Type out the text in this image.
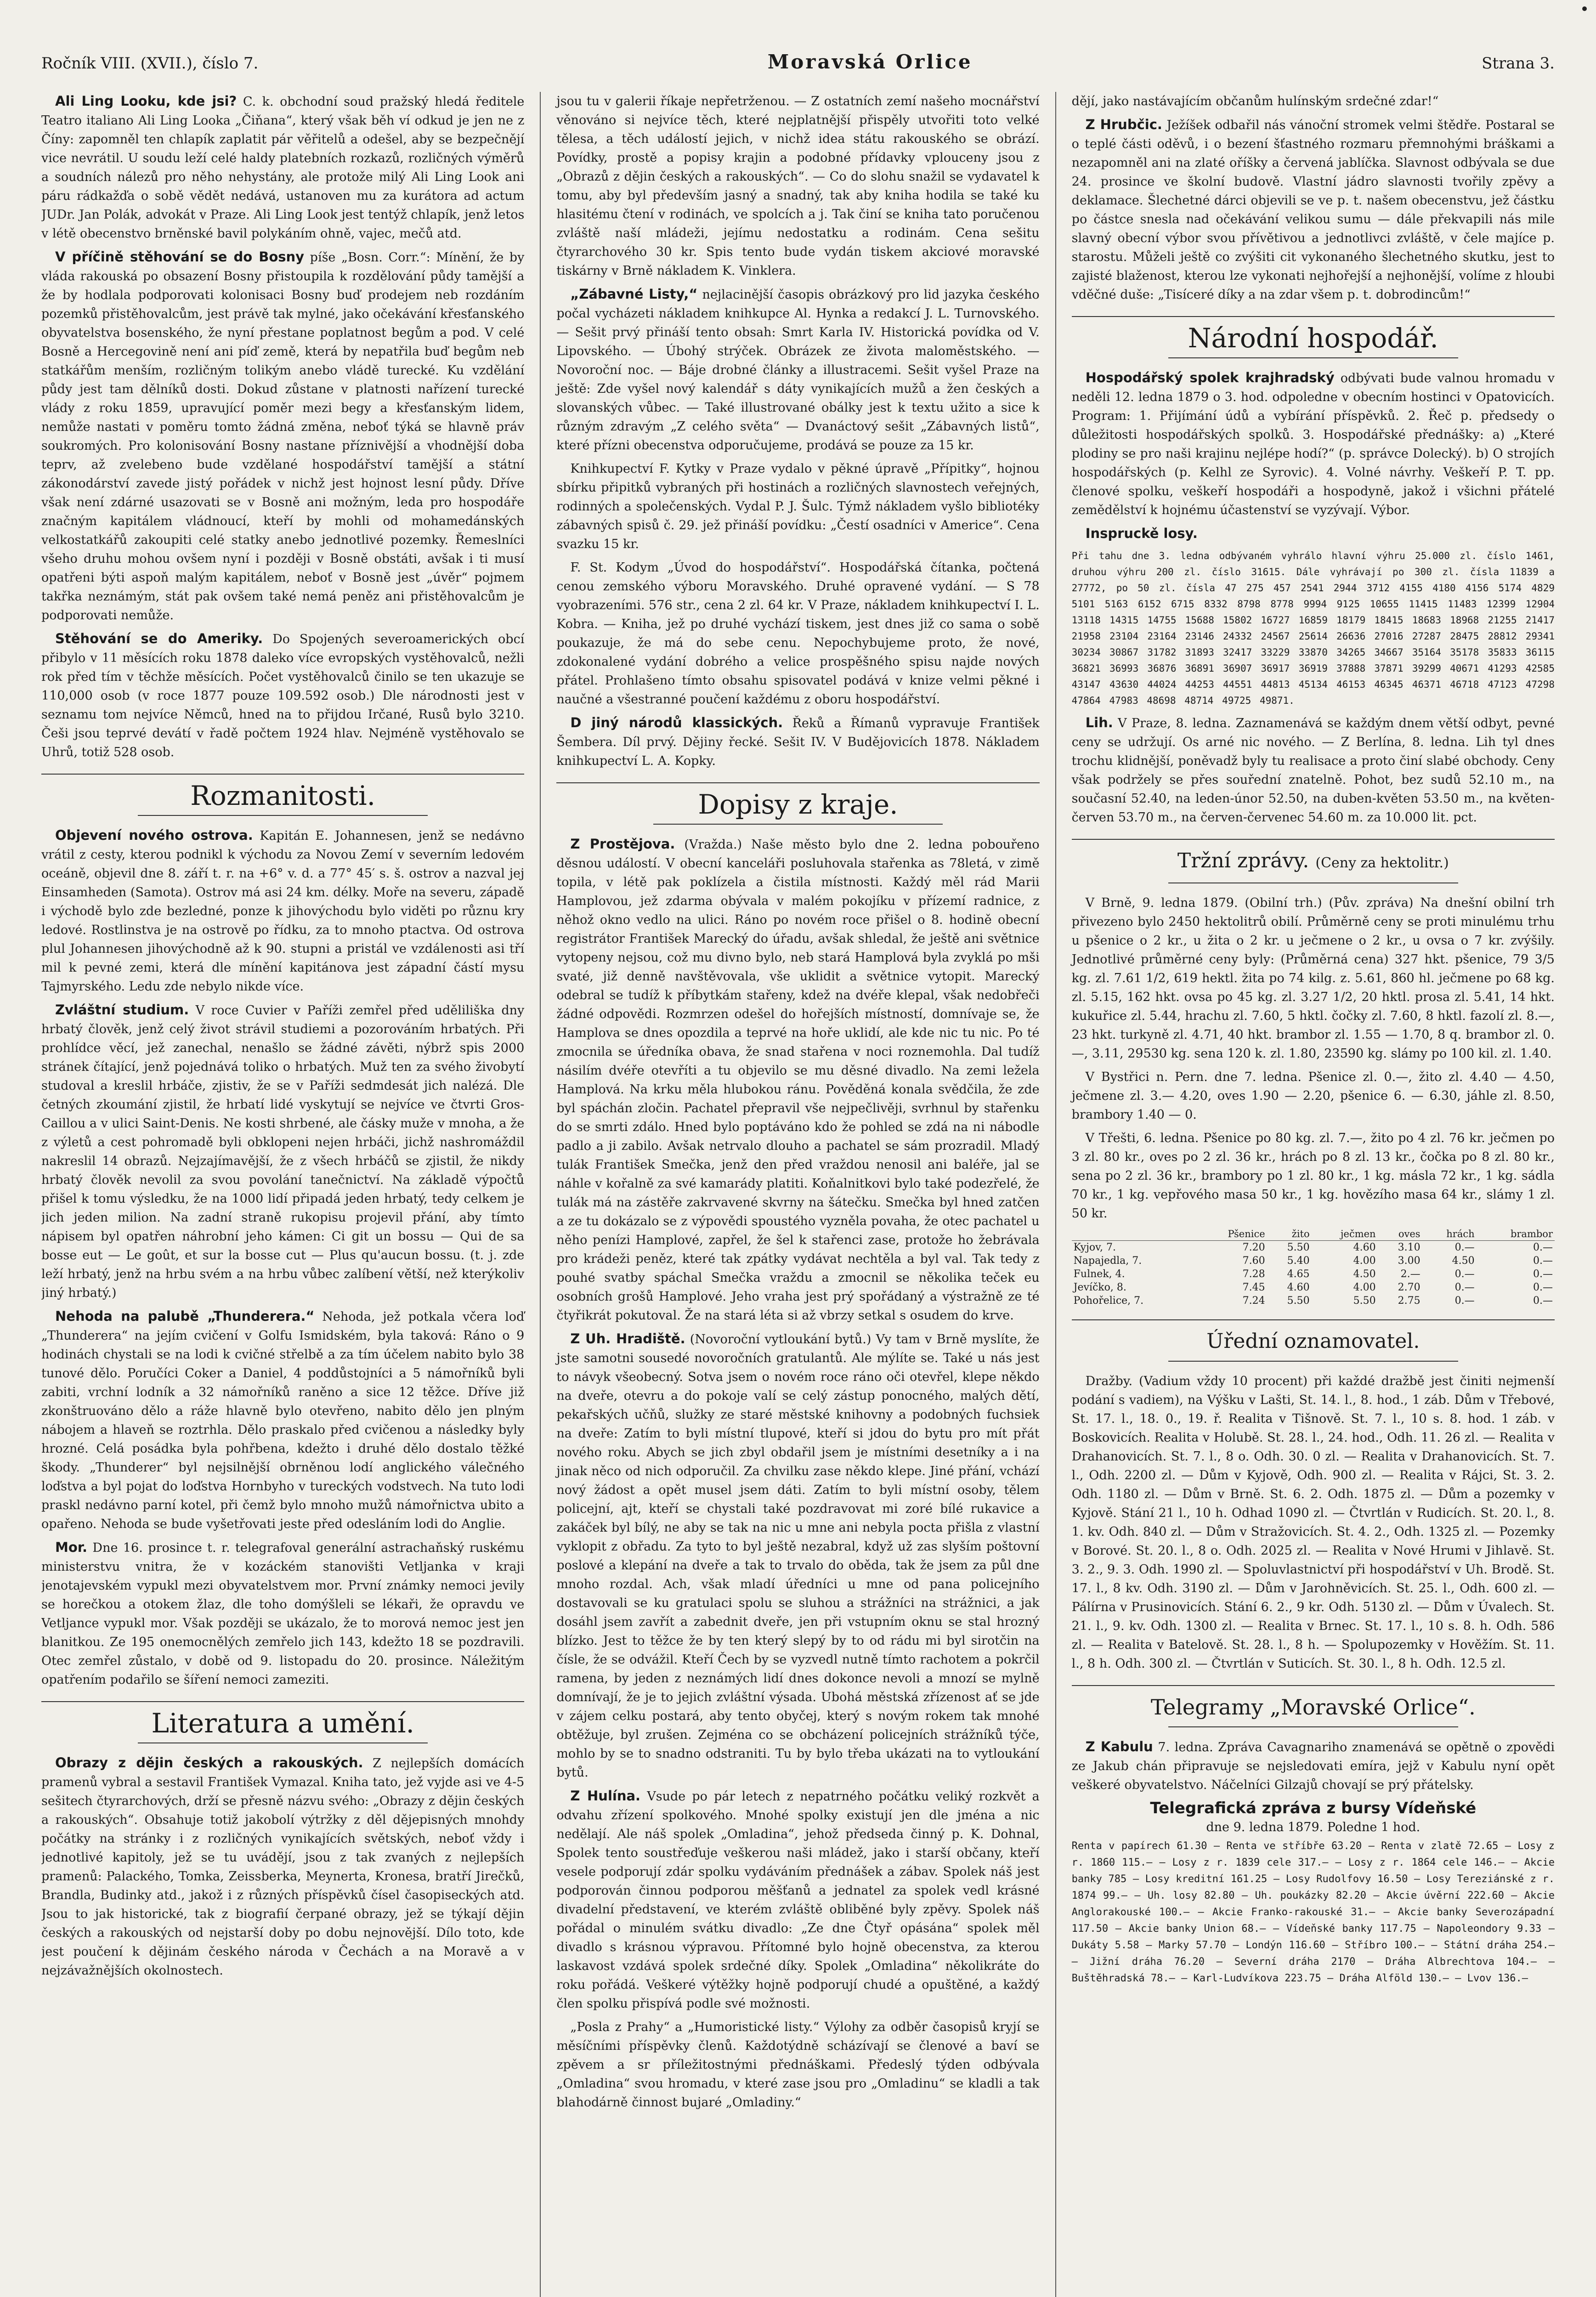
Ročník VIII. (XVII.), číslo 7.	Moravská Orlice	Strana 3.

Ali Ling Looku, kde jsi? C. k. obchodní soud pražský hledá ředitele Teatro italiano Ali Ling Looka „Čiňana“, který však běh ví odkud je jen ne z Číny: zapomněl ten chlapík zaplatit pár věřitelů a odešel, aby se bezpečnějí vice nevrátil. U soudu leží celé haldy platebních rozkazů, rozličných výměrů a soudních nálezů pro něho nehystány, ale protože milý Ali Ling Look ani páru rádkažďa o sobě vědět nedává, ustanoven mu za kurátora ad actum JUDr. Jan Polák, advokát v Praze. Ali Ling Look jest tentýž chlapík, jenž letos v létě obecenstvo brněnské bavil polykáním ohně, vajec, mečů atd.

V příčině stěhování se do Bosny píše „Bosn. Corr.“: Mínění, že by vláda rakouská po obsazení Bosny přistoupila k rozdělování půdy tamější a že by hodlala podporovati kolonisaci Bosny buď prodejem neb rozdáním pozemků přistěhovalcům, jest právě tak mylné, jako očekávání křesťanského obyvatelstva bosenského, že nyní přestane poplatnost begům a pod. V celé Bosně a Hercegovině není ani píď země, která by nepatřila buď begům neb statkářům menším, rozličným tolikým anebo vládě turecké. Ku vzdělání půdy jest tam dělníků dosti. Dokud zůstane v platnosti nařízení turecké vlády z roku 1859, upravující poměr mezi begy a křesťanským lidem, nemůže nastati v poměru tomto žádná změna, neboť týká se hlavně práv soukromých. Pro kolonisování Bosny nastane příznivější a vhodnější doba teprv, až zvelebeno bude vzdělané hospodářství tamější a státní zákonodárství zavede jistý pořádek v nichž jest hojnost lesní půdy. Dříve však není zdárné usazovati se v Bosně ani možným, leda pro hospodáře značným kapitálem vládnoucí, kteří by mohli od mohamedánských velkostatkářů zakoupiti celé statky anebo jednotlivé pozemky. Řemeslníci všeho druhu mohou ovšem nyní i později v Bosně obstáti, avšak i ti musí opatřeni býti aspoň malým kapitálem, neboť v Bosně jest „úvěr“ pojmem takřka neznámým, stát pak ovšem také nemá peněz ani přistěhovalcům je podporovati nemůže.

Stěhování se do Ameriky. Do Spojených severoamerických obcí přibylo v 11 měsících roku 1878 daleko více evropských vystěhovalců, nežli rok před tím v těchže měsících. Počet vystěhovalců činilo se ten ukazuje se 110,000 osob (v roce 1877 pouze 109.592 osob.) Dle národnosti jest v seznamu tom nejvíce Němců, hned na to přijdou Irčané, Rusů bylo 3210. Češi jsou teprvé devátí v řadě počtem 1924 hlav. Nejméně vystěhovalo se Uhrů, totiž 528 osob.

Rozmanitosti.

Objevení nového ostrova. Kapitán E. Johannesen, jenž se nedávno vrátil z cesty, kterou podnikl k východu za Novou Zemí v severním ledovém oceáně, objevil dne 8. září t. r. na +6° v. d. a 77° 45′ s. š. ostrov a nazval jej Einsamheden (Samota). Ostrov má asi 24 km. délky. Moře na severu, západě i východě bylo zde bezledné, ponze k jihovýchodu bylo viděti po různu kry ledové. Rostlinstva je na ostrově po řídku, za to mnoho ptactva. Od ostrova plul Johannesen jihovýchodně až k 90. stupni a pristál ve vzdálenosti asi tří mil k pevné zemi, která dle mínění kapitánova jest západní částí mysu Tajmyrského. Ledu zde nebylo nikde více.

Zvláštní studium. V roce Cuvier v Paříži zemřel před uděliliška dny hrbatý člověk, jenž celý život strávil studiemi a pozorováním hrbatých. Při prohlídce věcí, jež zanechal, nenašlo se žádné závěti, nýbrž spis 2000 stránek čítající, jenž pojednává toliko o hrbatých. Muž ten za svého živobytí studoval a kreslil hrbáče, zjistiv, že se v Paříži sedmdesát jich nalézá. Dle četných zkoumání zjistil, že hrbatí lidé vyskytují se nejvíce ve čtvrti Gros-Caillou a v ulici Saint-Denis. Ne kosti shrbené, ale čásky muže v mnoha, a že z výletů a cest pohromadě byli obklopeni nejen hrbáči, jichž nashromáždil nakreslil 14 obrazů. Nejzajímavější, že z všech hrbáčů se zjistil, že nikdy hrbatý člověk nevolil za svou povolání tanečnictví. Na základě výpočtů přišel k tomu výsledku, že na 1000 lidí připadá jeden hrbatý, tedy celkem je jich jeden milion. Na zadní straně rukopisu projevil přání, aby tímto nápisem byl opatřen náhrobní jeho kámen: Ci git un bossu — Qui de sa bosse eut — Le goût, et sur la bosse cut — Plus qu'aucun bossu. (t. j. zde leží hrbatý, jenž na hrbu svém a na hrbu vůbec zalíbení větší, než kterýkoliv jiný hrbatý.)

Nehoda na palubě „Thunderera.“ Nehoda, jež potkala včera loď „Thunderera“ na jejím cvičení v Golfu Ismidském, byla taková: Ráno o 9 hodinách chystali se na lodi k cvičné střelbě a za tím účelem nabito bylo 38 tunové dělo. Poručíci Coker a Daniel, 4 poddůstojníci a 5 námořníků byli zabiti, vrchní lodník a 32 námořníků raněno a sice 12 těžce. Dříve již zkonštruováno dělo a ráže hlavně bylo otevřeno, nabito dělo jen plným nábojem a hlaveň se roztrhla. Dělo praskalo před cvičenou a následky byly hrozné. Celá posádka byla pohřbena, kdežto i druhé dělo dostalo těžké škody. „Thunderer“ byl nejsilnější obrněnou lodí anglického válečného loďstva a byl pojat do loďstva Hornbyho v tureckých vodstvech. Na tuto lodi praskl nedávno parní kotel, při čemž bylo mnoho mužů námořnictva ubito a opařeno. Nehoda se bude vyšetřovati jeste před odesláním lodi do Anglie.

Mor. Dne 16. prosince t. r. telegrafoval generální astrachaňský ruskému ministerstvu vnitra, že v kozáckém stanovišti Vetljanka v kraji jenotajevském vypukl mezi obyvatelstvem mor. První známky nemoci jevily se horečkou a otokem žlaz, dle toho domýšleli se lékaři, že opravdu ve Vetljance vypukl mor. Však později se ukázalo, že to morová nemoc jest jen blanitkou. Ze 195 onemocnělých zemřelo jich 143, kdežto 18 se pozdravili. Otec zemřel zůstalo, v době od 9. listopadu do 20. prosince. Náležitým opatřením podařilo se šíření nemoci zameziti.

Literatura a umění.

Obrazy z dějin českých a rakouských. Z nejlepších domácích pramenů vybral a sestavil František Vymazal. Kniha tato, jež vyjde asi ve 4-5 sešitech čtyrarchových, drží se přesně názvu svého: „Obrazy z dějin českých a rakouských“. Obsahuje totiž jakobolí výtržky z děl dějepisných mnohdy počátky na stránky i z rozličných vynikajících světských, neboť vždy i jednotlivé kapitoly, jež se tu uvádějí, jsou z tak zvaných z nejlepších pramenů: Palackého, Tomka, Zeissberka, Meynerta, Kronesa, bratří Jirečků, Brandla, Budinky atd., jakož i z různých příspěvků čísel časopiseckých atd. Jsou to jak historické, tak z biografií čerpané obrazy, jež se týkají dějin českých a rakouských od nejstarší doby po dobu nejnovější. Dílo toto, kde jest poučení k dějinám českého národa v Čechách a na Moravě a v nejzávažnějších okolnostech.

jsou tu v galerii říkaje nepřetrženou. — Z ostatních zemí našeho mocnářství věnováno si nejvíce těch, které nejplatnější přispěly utvořiti toto velké tělesa, a těch událostí jejich, v nichž idea státu rakouského se obrází. Povídky, prostě a popisy krajin a podobné přídavky vplouceny jsou z „Obrazů z dějin českých a rakouských“. — Co do slohu snažil se vydavatel k tomu, aby byl především jasný a snadný, tak aby kniha hodila se také ku hlasitému čtení v rodinách, ve spolcích a j. Tak činí se kniha tato poručenou zvláště naší mládeži, jejímu nedostatku a rodinám. Cena sešitu čtyrarchového 30 kr. Spis tento bude vydán tiskem akciové moravské tiskárny v Brně nákladem K. Vinklera.

„Zábavné Listy,“ nejlacinější časopis obrázkový pro lid jazyka českého počal vycházeti nákladem knihkupce Al. Hynka a redakcí J. L. Turnovského. — Sešit prvý přináší tento obsah: Smrt Karla IV. Historická povídka od V. Lipovského. — Úbohý strýček. Obrázek ze života maloměstského. — Novoroční noc. — Báje drobné články a illustracemi. Sešit vyšel Praze na ještě: Zde vyšel nový kalendář s dáty vynikajících mužů a žen českých a slovanských vůbec. — Také illustrované obálky jest k textu užito a sice k různým zdravým „Z celého světa“ — Dvanáctový sešit „Zábavných listů“, které přízni obecenstva odporučujeme, prodává se pouze za 15 kr.

Knihkupectví F. Kytky v Praze vydalo v pěkné úpravě „Přípitky“, hojnou sbírku připitků vybraných při hostinách a rozličných slavnostech veřejných, rodinných a společenských. Vydal P. J. Šulc. Týmž nákladem vyšlo bibliotéky zábavných spisů č. 29. jež přináší povídku: „Čestí osadníci v Americe“. Cena svazku 15 kr.

F. St. Kodym „Úvod do hospodářství“. Hospodářská čítanka, počtená cenou zemského výboru Moravského. Druhé opravené vydání. — S 78 vyobrazeními. 576 str., cena 2 zl. 64 kr. V Praze, nákladem knihkupectví I. L. Kobra. — Kniha, jež po druhé vychází tiskem, jest dnes již co sama o sobě poukazuje, že má do sebe cenu. Nepochybujeme proto, že nové, zdokonalené vydání dobrého a velice prospěšného spisu najde nových přátel. Prohlašeno tímto obsahu spisovatel podává v knize velmi pěkné i naučné a všestranné poučení každému z oboru hospodářství.

D jiný národů klassických. Řeků a Římanů vypravuje František Šembera. Díl prvý. Dějiny řecké. Sešit IV. V Budějovicích 1878. Nákladem knihkupectví L. A. Kopky.

Dopisy z kraje.

Z Prostějova. (Vražda.) Naše město bylo dne 2. ledna pobouřeno děsnou událostí. V obecní kanceláři posluhovala stařenka as 78letá, v zimě topila, v létě pak poklízela a čistila místnosti. Každý měl rád Marii Hamplovou, jež zdarma obývala v malém pokojíku v přízemí radnice, z něhož okno vedlo na ulici. Ráno po novém roce přišel o 8. hodině obecní registrátor František Marecký do úřadu, avšak shledal, že ještě ani světnice vytopeny nejsou, což mu divno bylo, neb stará Hamplová byla zvyklá po mši svaté, již denně navštěvovala, vše uklidit a světnice vytopit. Marecký odebral se tudíž k příbytkám stařeny, kdež na dvéře klepal, však nedobřeči žádné odpovědi. Rozmrzen odešel do hořejších místností, domnívaje se, že Hamplova se dnes opozdila a teprvé na hoře uklidí, ale kde nic tu nic. Po té zmocnila se úředníka obava, že snad stařena v noci roznemohla. Dal tudíž násilím dvéře otevříti a tu objevilo se mu děsné divadlo. Na zemi ležela Hamplová. Na krku měla hlubokou ránu. Pověděná konala svědčila, že zde byl spáchán zločin. Pachatel přepravil vše nejpečlivěji, svrhnul by stařenku do se smrti zdálo. Hned bylo poptáváno kdo že pohled se zdá na ni nábodle padlo a ji zabilo. Avšak netrvalo dlouho a pachatel se sám prozradil. Mladý tulák František Smečka, jenž den před vraždou nenosil ani baléře, jal se náhle v kořalně za své kamarády platiti. Koňalnitkovi bylo také podezřelé, že tulák má na zástěře zakrvavené skvrny na šátečku. Smečka byl hned zatčen a ze tu dokázalo se z výpovědi spoustého vyzněla povaha, že otec pachatel u něho penízi Hamplové, zapřel, že šel k stařenci zase, protože ho žebrávala pro krádeži peněz, které tak zpátky vydávat nechtěla a byl val. Tak tedy z pouhé svatby spáchal Smečka vraždu a zmocnil se několika teček eu osobních grošů Hamplové. Jeho vraha jest prý spořádaný a výstražně ze té čtyřikrát pokutoval. Že na stará léta si až vbrzy setkal s osudem do krve.

Z Uh. Hradiště. (Novoroční vytloukání bytů.) Vy tam v Brně myslíte, že jste samotni sousedé novoročních gratulantů. Ale mýlíte se. Také u nás jest to návyk všeobecný. Sotva jsem o novém roce ráno oči otevřel, klepe někdo na dveře, otevru a do pokoje valí se celý zástup ponocného, malých dětí, pekařských učňů, služky ze staré městské knihovny a podobných fuchsiek na dveře: Zatím to byli místní tlupové, kteří si jdou do bytu pro mít přát nového roku. Abych se jich zbyl obdařil jsem je místními desetníky a i na jinak něco od nich odporučil. Za chvilku zase někdo klepe. Jiné přání, vchází nový žádost a opět musel jsem dáti. Zatím to byli místní osoby, tělem policejní, ajt, kteří se chystali také pozdravovat mi zoré bílé rukavice a zakáček byl bílý, ne aby se tak na nic u mne ani nebyla pocta přišla z vlastní vyklopit z obřadu. Za tyto to byl ještě nezabral, když už zas slyším poštovní poslové a klepání na dveře a tak to trvalo do oběda, tak že jsem za půl dne mnoho rozdal. Ach, však mladí úředníci u mne od pana policejního dostavovali se ku gratulaci spolu se sluhou a strážníci na strážnici, a jak dosáhl jsem zavřít a zabednit dveře, jen při vstupním oknu se stal hrozný blízko. Jest to těžce že by ten který slepý by to od rádu mi byl sirotčin na čísle, že se odvážil. Kteří Čech by se vyzvedl nutně tímto rachotem a pokrčil ramena, by jeden z neznámých lidí dnes dokonce nevoli a mnozí se mylně domnívají, že je to jejich zvláštní výsada. Ubohá městská zřízenost ať se jde v zájem celku postará, aby tento obyčej, který s novým rokem tak mnohé obtěžuje, byl zrušen. Zejména co se obcházení policejních strážníků týče, mohlo by se to snadno odstraniti. Tu by bylo třeba ukázati na to vytloukání bytů.

Z Hulína. Vsude po pár letech z nepatrného počátku veliký rozkvět a odvahu zřízení spolkového. Mnohé spolky existují jen dle jména a nic nedělají. Ale náš spolek „Omladina“, jehož předseda činný p. K. Dohnal, Spolek tento soustřeďuje veškerou naši mládež, jako i starší občany, kteří vesele podporují zdár spolku vydáváním přednášek a zábav. Spolek náš jest podporován činnou podporou měšťanů a jednatel za spolek vedl krásné divadelní představení, ve kterém zvláště obliběné byly zpěvy. Spolek náš pořádal o minulém svátku divadlo: „Ze dne Čtyř opásána“ spolek měl divadlo s krásnou výpravou. Přítomné bylo hojně obecenstva, za kterou laskavost vzdává spolek srdečné díky. Spolek „Omladina“ několikráte do roku pořádá. Veškeré výtěžky hojně podporují chudé a opuštěné, a každý člen spolku přispívá podle své možnosti.

„Posla z Prahy“ a „Humoristické listy.“ Výlohy za odběr časopisů kryjí se měsíčními příspěvky členů. Každotýdně scházívají se členové a baví se zpěvem a sr příležitostnými přednáškami. Předeslý týden odbývala „Omladina“ svou hromadu, v které zase jsou pro „Omladinu“ se kladli a tak blahodárně činnost bujaré „Omladiny.“

dějí, jako nastávajícím občanům hulínským srdečné zdar!“

Z Hrubčic. Ježíšek odbařil nás vánoční stromek velmi štědře. Postaral se o teplé části oděvů, i o bezení šťastného rozmaru přemnohými bráškami a nezapomněl ani na zlaté oříšky a červená jablíčka. Slavnost odbývala se due 24. prosince ve školní budově. Vlastní jádro slavnosti tvořily zpěvy a deklamace. Šlechetné dárci objevili se ve p. t. našem obecenstvu, jež částku po částce snesla nad očekávání velikou sumu — dále překvapili nás mile slavný obecní výbor svou přívětivou a jednotlivci zvláště, v čele majíce p. starostu. Můželi ještě co zvýšiti cit vykonaného šlechetného skutku, jest to zajisté blaženost, kterou lze vykonati nejhořejší a nejhonější, volíme z hloubi vděčné duše: „Tisíceré díky a na zdar všem p. t. dobrodincům!“

Národní hospodář.

Hospodářský spolek krajhradský odbývati bude valnou hromadu v neděli 12. ledna 1879 o 3. hod. odpoledne v obecním hostinci v Opatovicích. Program: 1. Přijímání údů a vybírání příspěvků. 2. Řeč p. předsedy o důležitosti hospodářských spolků. 3. Hospodářské přednášky: a) „Které plodiny se pro naši krajinu nejlépe hodí?“ (p. správce Dolecký). b) O strojích hospodářských (p. Kelhl ze Syrovic). 4. Volné návrhy. Veškeří P. T. pp. členové spolku, veškeří hospodáři a hospodyně, jakož i všichni přátelé zemědělství k hojnému účastenství se vyzývají. Výbor.

Inspruckě losy.

Při tahu dne 3. ledna odbývaném vyhrálo hlavní výhru 25.000 zl. číslo 1461, druhou výhru 200 zl. číslo 31615. Dále vyhrávají po 300 zl. čísla 11839 a 27772, po 50 zl. čísla 47 275 457 2541 2944 3712 4155 4180 4156 5174 4829 5101 5163 6152 6715 8332 8798 8778 9994 9125 10655 11415 11483 12399 12904 13118 14315 14755 15688 15802 16727 16859 18179 18415 18683 18968 21255 21417 21958 23104 23164 23146 24332 24567 25614 26636 27016 27287 28475 28812 29341 30234 30867 31782 31893 32417 33229 33870 34265 34667 35164 35178 35833 36115 36821 36993 36876 36891 36907 36917 36919 37888 37871 39299 40671 41293 42585 43147 43630 44024 44253 44551 44813 45134 46153 46345 46371 46718 47123 47298 47864 47983 48698 48714 49725 49871.

Lih. V Praze, 8. ledna. Zaznamenává se každým dnem větší odbyt, pevné ceny se udržují. Os arné nic nového. — Z Berlína, 8. ledna. Lih tyl dnes trochu klidnější, poněvadž byly tu realisace a proto činí slabé obchody. Ceny však podržely se přes souřední znatelně. Pohot, bez sudů 52.10 m., na současní 52.40, na leden-únor 52.50, na duben-květen 53.50 m., na květen-červen 53.70 m., na červen-červenec 54.60 m. za 10.000 lit. pct.

Tržní zprávy. (Ceny za hektolitr.)

V Brně, 9. ledna 1879. (Obilní trh.) (Pův. zpráva) Na dnešní obilní trh přivezeno bylo 2450 hektolitrů obilí. Průměrně ceny se proti minulému trhu u pšenice o 2 kr., u žita o 2 kr. u ječmene o 2 kr., u ovsa o 7 kr. zvýšily. Jednotlivé průměrné ceny byly: (Průměrná cena) 327 hkt. pšenice, 79 3/5 kg. zl. 7.61 1/2, 619 hektl. žita po 74 kilg. z. 5.61, 860 hl. ječmene po 68 kg. zl. 5.15, 162 hkt. ovsa po 45 kg. zl. 3.27 1/2, 20 hktl. prosa zl. 5.41, 14 hkt. kukuřice zl. 5.44, hrachu zl. 7.60, 5 hktl. čočky zl. 7.60, 8 hktl. fazolí zl. 8.—, 23 hkt. turkyně zl. 4.71, 40 hkt. brambor zl. 1.55 — 1.70, 8 q. brambor zl. 0.—, 3.11, 29530 kg. sena 120 k. zl. 1.80, 23590 kg. slámy po 100 kil. zl. 1.40.

V Bystřici n. Pern. dne 7. ledna. Pšenice zl. 0.—, žito zl. 4.40 — 4.50, ječmene zl. 3.— 4.20, oves 1.90 — 2.20, pšenice 6. — 6.30, jáhle zl. 8.50, brambory 1.40 — 0.

V Třešti, 6. ledna. Pšenice po 80 kg. zl. 7.—, žito po 4 zl. 76 kr. ječmen po 3 zl. 80 kr., oves po 2 zl. 36 kr., hrách po 8 zl. 13 kr., čočka po 8 zl. 80 kr., sena po 2 zl. 36 kr., brambory po 1 zl. 80 kr., 1 kg. másla 72 kr., 1 kg. sádla 70 kr., 1 kg. vepřového masa 50 kr., 1 kg. hovězího masa 64 kr., slámy 1 zl. 50 kr.

	Pšenice	žito	ječmen	oves	hrách	brambor
Kyjov, 7.	7.20	5.50	4.60	3.10	0.—	0.—
Napajedla, 7.	7.60	5.40	4.00	3.00	4.50	0.—
Fulnek, 4.	7.28	4.65	4.50	2.—	0.—	0.—
Jevíčko, 8.	7.45	4.60	4.00	2.70	0.—	0.—
Pohořelice, 7.	7.24	5.50	5.50	2.75	0.—	0.—
Úřední oznamovatel.

Dražby. (Vadium vždy 10 procent) při každé dražbě jest činiti nejmenší podání s vadiem), na Výšku v Lašti, St. 14. l., 8. hod., 1 záb. Dům v Třebové, St. 17. l., 18. 0., 19. ř. Realita v Tišnově. St. 7. l., 10 s. 8. hod. 1 záb. v Boskovicích. Realita v Holubě. St. 28. l., 24. hod., Odh. 11. 26 zl. — Realita v Drahanovicích. St. 7. l., 8 o. Odh. 30. 0 zl. — Realita v Drahanovicích. St. 7. l., Odh. 2200 zl. — Dům v Kyjově, Odh. 900 zl. — Realita v Rájci, St. 3. 2. Odh. 1180 zl. — Dům v Brně. St. 6. 2. Odh. 1875 zl. — Dům a pozemky v Kyjově. Stání 21 l., 10 h. Odhad 1090 zl. — Čtvrtlán v Rudicích. St. 20. l., 8. 1. kv. Odh. 840 zl. — Dům v Stražovicích. St. 4. 2., Odh. 1325 zl. — Pozemky v Borové. St. 20. l., 8 o. Odh. 2025 zl. — Realita v Nové Hrumi v Jihlavě. St. 3. 2., 9. 3. Odh. 1990 zl. — Spoluvlastnictví při hospodářství v Uh. Brodě. St. 17. l., 8 kv. Odh. 3190 zl. — Dům v Jarohněvicích. St. 25. l., Odh. 600 zl. — Pálírna v Prusinovicích. Stání 6. 2., 9 kr. Odh. 5130 zl. — Dům v Úvalech. St. 21. l., 9. kv. Odh. 1300 zl. — Realita v Brnec. St. 17. l., 10 s. 8. h. Odh. 586 zl. — Realita v Batelově. St. 28. l., 8 h. — Spolupozemky v Hověžím. St. 11. l., 8 h. Odh. 300 zl. — Čtvrtlán v Suticích. St. 30. l., 8 h. Odh. 12.5 zl.

Telegramy „Moravské Orlice“.

Z Kabulu 7. ledna. Zpráva Cavagnariho znamenává se opětně o zpovědi ze Jakub chán připravuje se nejsledovati emíra, jejž v Kabulu nyní opět veškeré obyvatelstvo. Náčelníci Gilzajů chovají se prý přátelsky.

Telegrafická zpráva z bursy Vídeňské
dne 9. ledna 1879. Poledne 1 hod.

Renta v papírech 61.30 — Renta ve stříbře 63.20 — Renta v zlatě 72.65 — Losy z r. 1860 115.— — Losy z r. 1839 cele 317.— — Losy z r. 1864 cele 146.— — Akcie banky 785 — Losy kreditní 161.25 — Losy Rudolfovy 16.50 — Losy Tereziánské z r. 1874 99.— — Uh. losy 82.80 — Uh. poukázky 82.20 — Akcie úvěrní 222.60 — Akcie Anglorakouské 100.— — Akcie Franko-rakouské 31.— — Akcie banky Severozápadní 117.50 — Akcie banky Union 68.— — Vídeňské banky 117.75 — Napoleondory 9.33 — Dukáty 5.58 — Marky 57.70 — Londýn 116.60 — Stříbro 100.— — Státní dráha 254.— — Jižní dráha 76.20 — Severní dráha 2170 — Dráha Albrechtova 104.— — Buštěhradská 78.— — Karl-Ludvíkova 223.75 — Dráha Alföld 130.— — Lvov 136.—
